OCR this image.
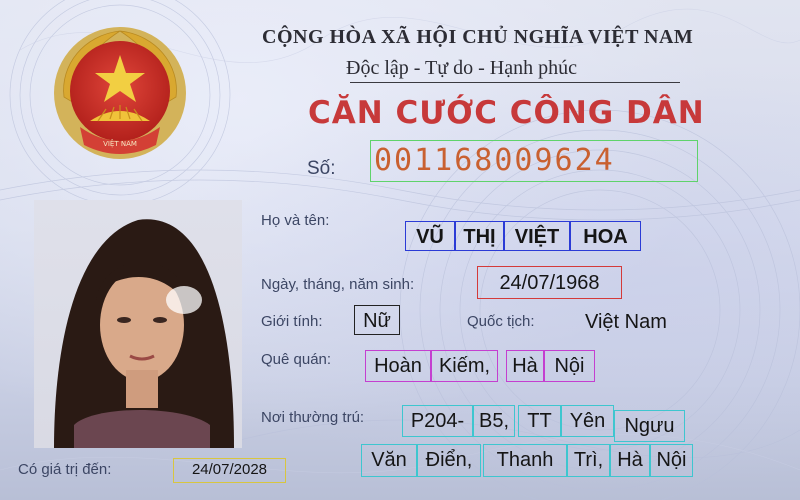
VIỆT NAM
CỘNG HÒA XÃ HỘI CHỦ NGHĨA VIỆT NAM
Độc lập - Tự do - Hạnh phúc
CĂN CƯỚC CÔNG DÂN
Số: 001168009624
Họ và tên:
VŨ THỊ VIỆT	HOA
Ngày, tháng, năm sinh:	24/07/1968
Giới tính:	Nữ	Quốc tịch:	Việt Nam
Quê quán:	Hoàn Kiếm,	Hà Nội
Nơi thường trú:	P204- B5, TT Yên Ngưu
Văn Điển,	Thanh	Trì, Hà Nội
Có giá trị đến:	24/07/2028
